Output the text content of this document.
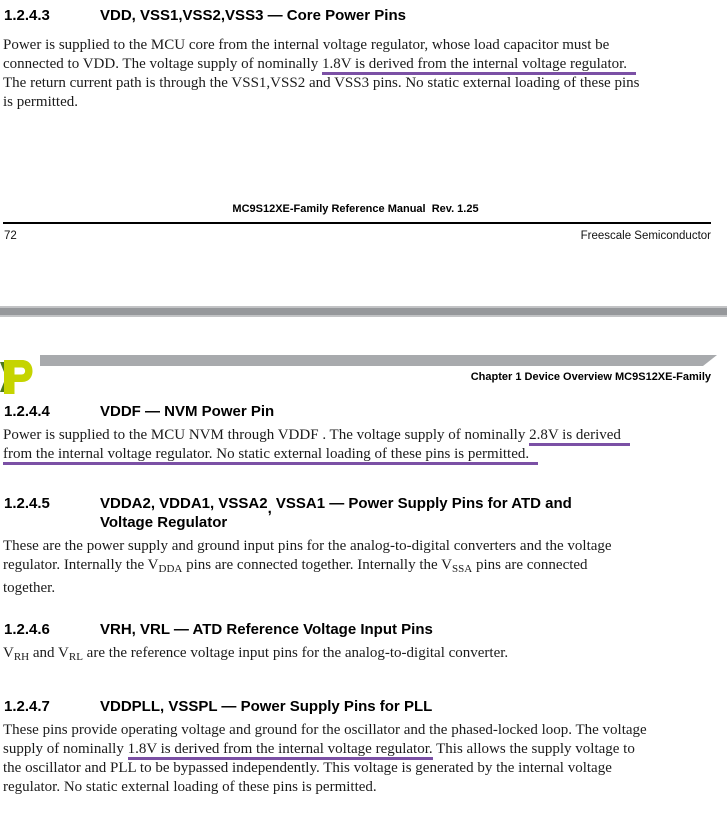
1.2.4.3	VDD, VSS1,VSS2,VSS3 — Core Power Pins
Power is supplied to the MCU core from the internal voltage regulator, whose load capacitor must be
connected to VDD. The voltage supply of nominally 1.8V is derived from the internal voltage regulator.
The return current path is through the VSS1,VSS2 and VSS3 pins. No static external loading of these pins
is permitted.
MC9S12XE-Family Reference Manual  Rev. 1.25
72	Freescale Semiconductor
Chapter 1 Device Overview MC9S12XE-Family
1.2.4.4	VDDF — NVM Power Pin
Power is supplied to the MCU NVM through VDDF . The voltage supply of nominally 2.8V is derived
from the internal voltage regulator. No static external loading of these pins is permitted.
1.2.4.5	VDDA2, VDDA1, VSSA2, VSSA1 — Power Supply Pins for ATD and
Voltage Regulator
These are the power supply and ground input pins for the analog-to-digital converters and the voltage
regulator. Internally the $V_{DDA}$ pins are connected together. Internally the $V_{SSA}$ pins are connected
together.
1.2.4.6	VRH, VRL — ATD Reference Voltage Input Pins
$V_{RH}$ and $V_{RL}$ are the reference voltage input pins for the analog-to-digital converter.
1.2.4.7	VDDPLL, VSSPL — Power Supply Pins for PLL
These pins provide operating voltage and ground for the oscillator and the phased-locked loop. The voltage
supply of nominally 1.8V is derived from the internal voltage regulator. This allows the supply voltage to
the oscillator and PLL to be bypassed independently. This voltage is generated by the internal voltage
regulator. No static external loading of these pins is permitted.
